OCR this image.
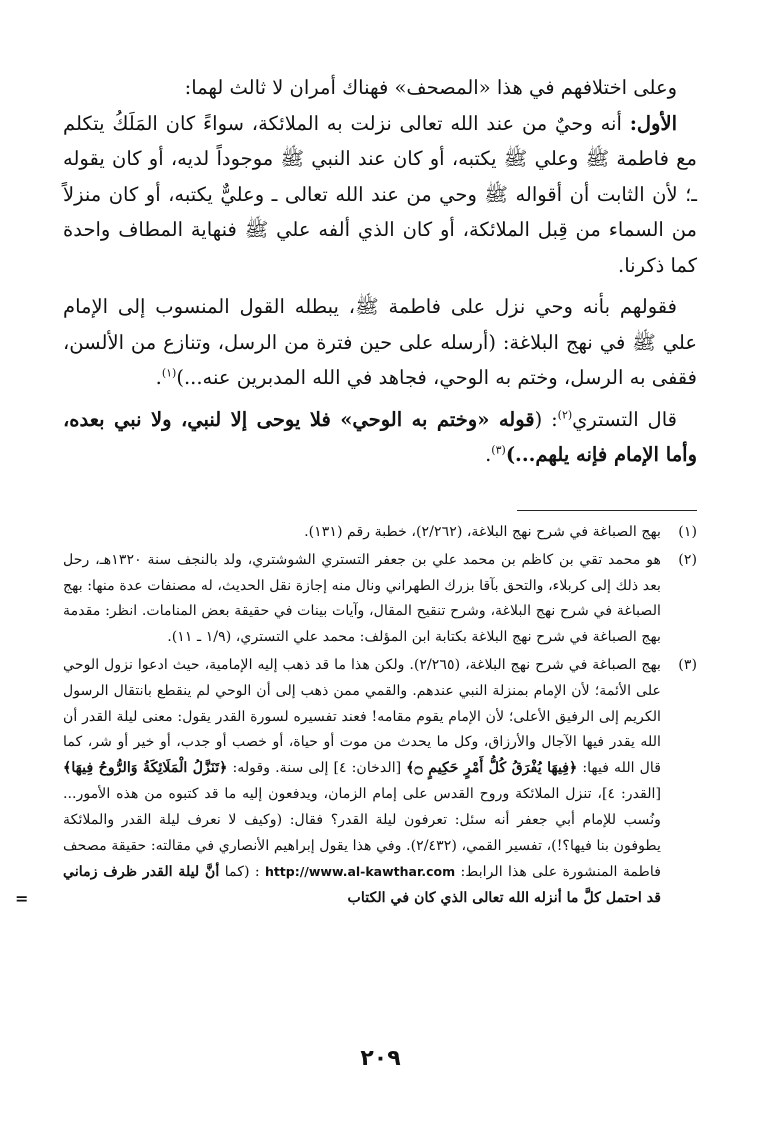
وعلى اختلافهم في هذا «المصحف» فهناك أمران لا ثالث لهما:

الأول: أنه وحيٌ من عند الله تعالى نزلت به الملائكة، سواءً كان المَلَكُ يتكلم مع فاطمة ﷺ وعلي ﷺ يكتبه، أو كان عند النبي ﷺ موجوداً لديه، أو كان يقوله ـ؛ لأن الثابت أن أقواله ﷺ وحي من عند الله تعالى ـ وعليٌّ يكتبه، أو كان منزلاً من السماء من قِبل الملائكة، أو كان الذي ألفه علي ﷺ فنهاية المطاف واحدة كما ذكرنا.

فقولهم بأنه وحي نزل على فاطمة ﷺ، يبطله القول المنسوب إلى الإمام علي ﷺ في نهج البلاغة: (أرسله على حين فترة من الرسل، وتنازع من الألسن، فقفى به الرسل، وختم به الوحي، فجاهد في الله المدبرين عنه...)$^{(١)}$.

قال التستري$^{(٢)}$: (قوله «وختم به الوحي» فلا يوحى إلا لنبي، ولا نبي بعده، وأما الإمام فإنه يلهم...)$^{(٣)}$.

(١)
بهج الصباغة في شرح نهج البلاغة، (٢/٢٦٢)، خطبة رقم (١٣١).
(٢)
هو محمد تقي بن كاظم بن محمد علي بن جعفر التستري الشوشتري، ولد بالنجف سنة ١٣٢٠هـ، رحل بعد ذلك إلى كربلاء، والتحق بآقا بزرك الطهراني ونال منه إجازة نقل الحديث، له مصنفات عدة منها: بهج الصباغة في شرح نهج البلاغة، وشرح تنقيح المقال، وآيات بينات في حقيقة بعض المنامات. انظر: مقدمة بهج الصباغة في شرح نهج البلاغة بكتابة ابن المؤلف: محمد علي التستري، (١/٩ ـ ١١).
(٣)
بهج الصباغة في شرح نهج البلاغة، (٢/٢٦٥). ولكن هذا ما قد ذهب إليه الإمامية، حيث ادعوا نزول الوحي على الأئمة؛ لأن الإمام بمنزلة النبي عندهم. والقمي ممن ذهب إلى أن الوحي لم ينقطع بانتقال الرسول الكريم إلى الرفيق الأعلى؛ لأن الإمام يقوم مقامه! فعند تفسيره لسورة القدر يقول: معنى ليلة القدر أن الله يقدر فيها الآجال والأرزاق، وكل ما يحدث من موت أو حياة، أو خصب أو جدب، أو خير أو شر، كما قال الله فيها: ﴿فِيهَا يُفْرَقُ كُلُّ أَمْرٍ حَكِيمٍ ۝﴾ [الدخان: ٤] إلى سنة. وقوله: ﴿تَنَزَّلُ الْمَلَائِكَةُ وَالرُّوحُ فِيهَا﴾ [القدر: ٤]، تنزل الملائكة وروح القدس على إمام الزمان، ويدفعون إليه ما قد كتبوه من هذه الأمور... ونُسب للإمام أبي جعفر أنه سئل: تعرفون ليلة القدر؟ فقال: (وكيف لا نعرف ليلة القدر والملائكة يطوفون بنا فيها؟!)، تفسير القمي، (٢/٤٣٢). وفي هذا يقول إبراهيم الأنصاري في مقالته: حقيقة مصحف فاطمة المنشورة على هذا الرابط: http://www.al-kawthar.com : (كما أنَّ ليلة القدر ظرف زماني قد احتمل كلَّ ما أنزله الله تعالى الذي كان في الكتاب
=
٢٠٩
